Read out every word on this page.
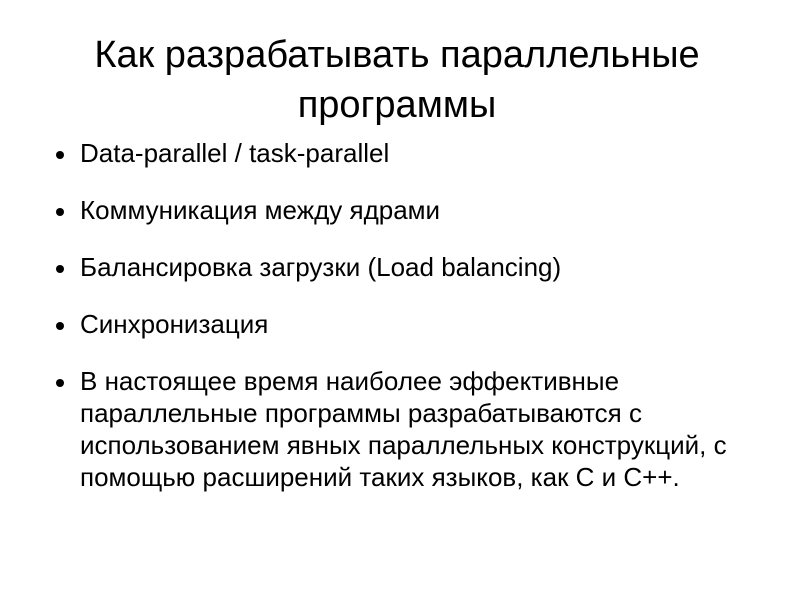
Как разрабатывать параллельные
программы
Data-parallel / task-parallel
Коммуникация между ядрами
Балансировка загрузки (Load balancing)
Синхронизация
В настоящее время наиболее эффективные параллельные программы разрабатываются с использованием явных параллельных конструкций, с помощью расширений таких языков, как C и C++.
